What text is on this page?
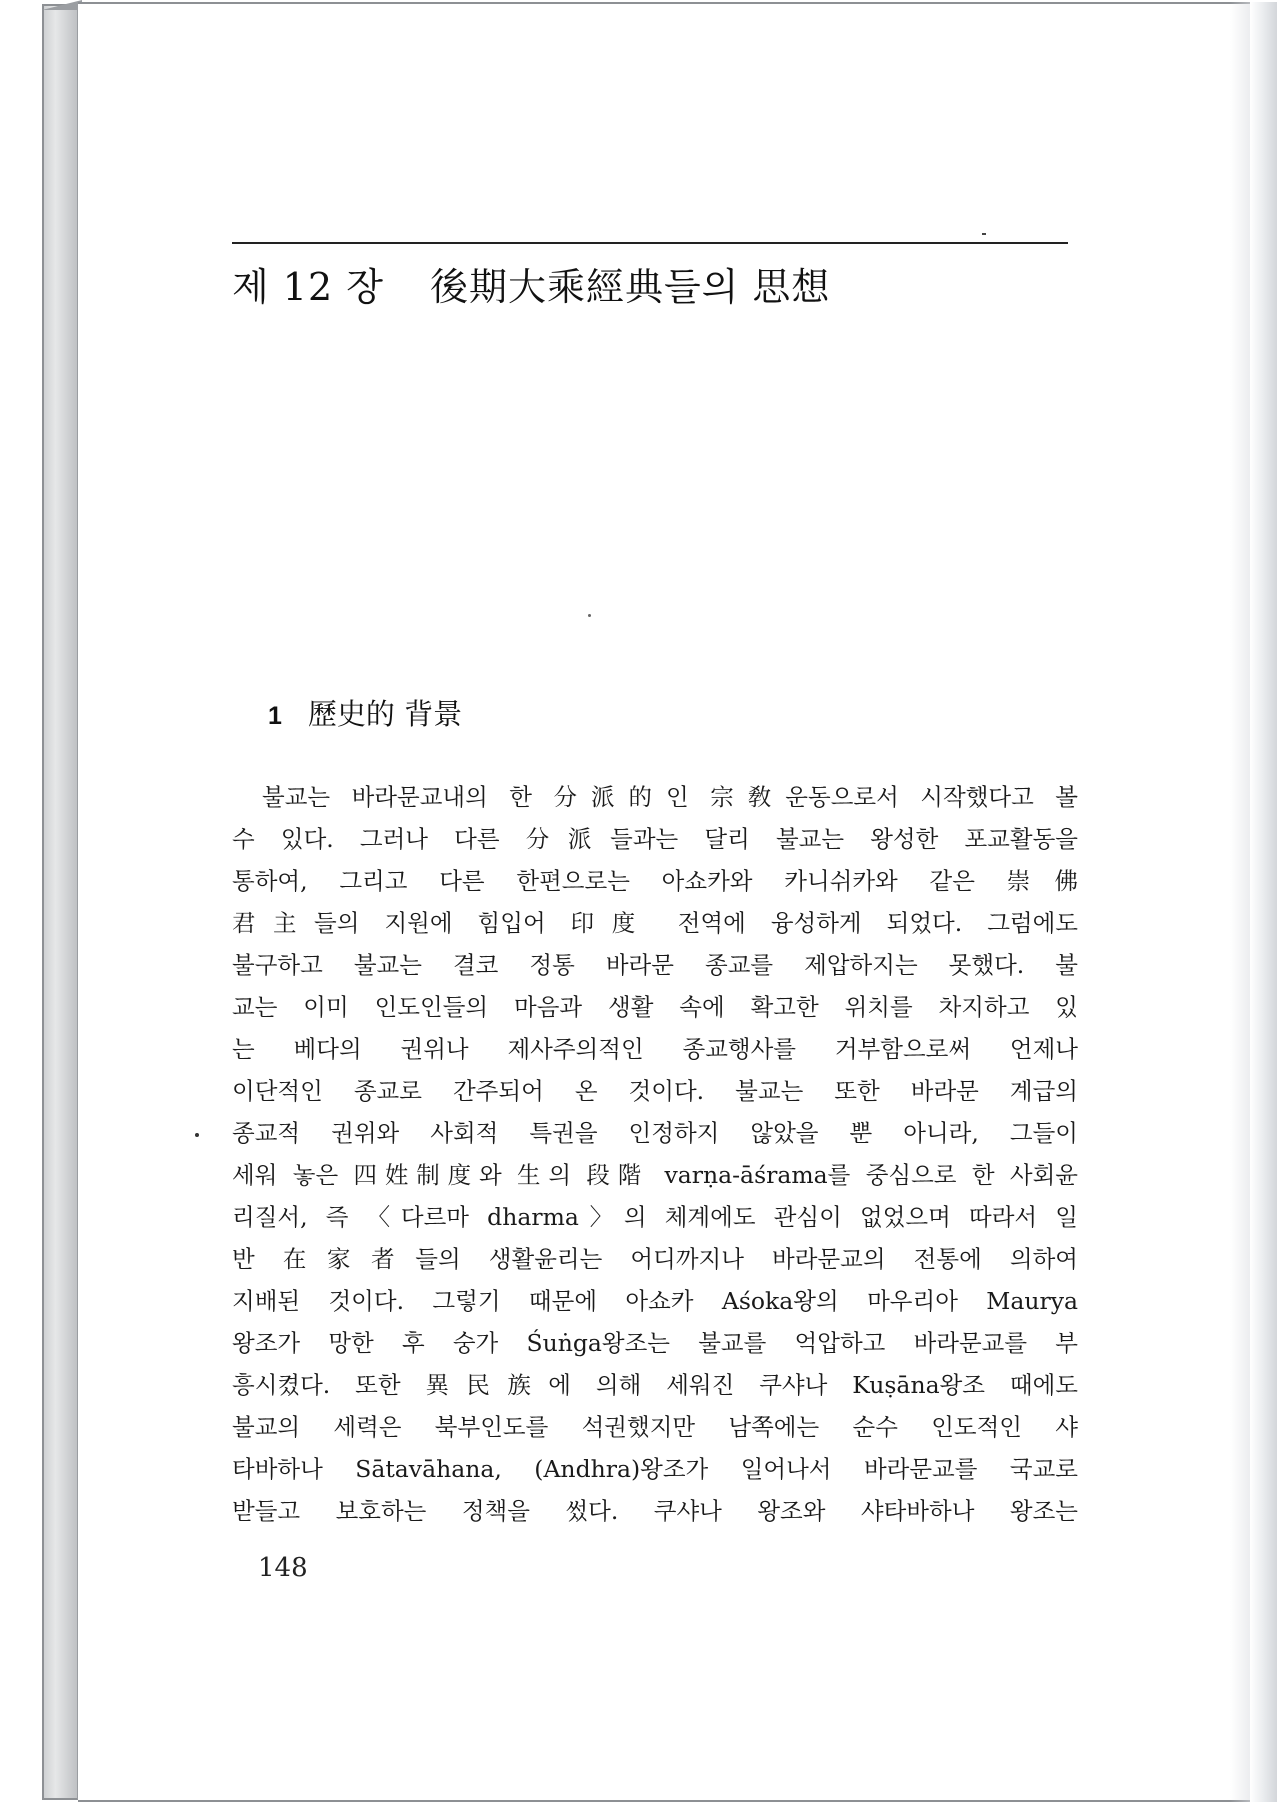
제 12 장 後期大乘經典들의 思想
1 歷史的 背景
불교는 바라문교내의 한 分派的인 宗敎운동으로서 시작했다고 볼
수 있다. 그러나 다른 分派들과는 달리 불교는 왕성한 포교활동을
통하여, 그리고 다른 한편으로는 아쇼카와 카니쉬카와 같은 崇佛
君主들의 지원에 힘입어 印度 전역에 융성하게 되었다. 그럼에도
불구하고 불교는 결코 정통 바라문 종교를 제압하지는 못했다. 불
교는 이미 인도인들의 마음과 생활 속에 확고한 위치를 차지하고 있
는 베다의 권위나 제사주의적인 종교행사를 거부함으로써 언제나
이단적인 종교로 간주되어 온 것이다. 불교는 또한 바라문 계급의
종교적 권위와 사회적 특권을 인정하지 않았을 뿐 아니라, 그들이
세워 놓은 四姓制度와 生의 段階 varṇa-āśrama를 중심으로 한 사회윤
리질서, 즉 〈다르마 dharma〉의 체계에도 관심이 없었으며 따라서 일
반 在家者들의 생활윤리는 어디까지나 바라문교의 전통에 의하여
지배된 것이다. 그렇기 때문에 아쇼카 Aśoka왕의 마우리아 Maurya
왕조가 망한 후 숭가 Śuṅga왕조는 불교를 억압하고 바라문교를 부
흥시켰다. 또한 異民族에 의해 세워진 쿠샤나 Kuṣāna왕조 때에도
불교의 세력은 북부인도를 석권했지만 남쪽에는 순수 인도적인 샤
타바하나 Sātavāhana, (Andhra)왕조가 일어나서 바라문교를 국교로
받들고 보호하는 정책을 썼다. 쿠샤나 왕조와 샤타바하나 왕조는
148
